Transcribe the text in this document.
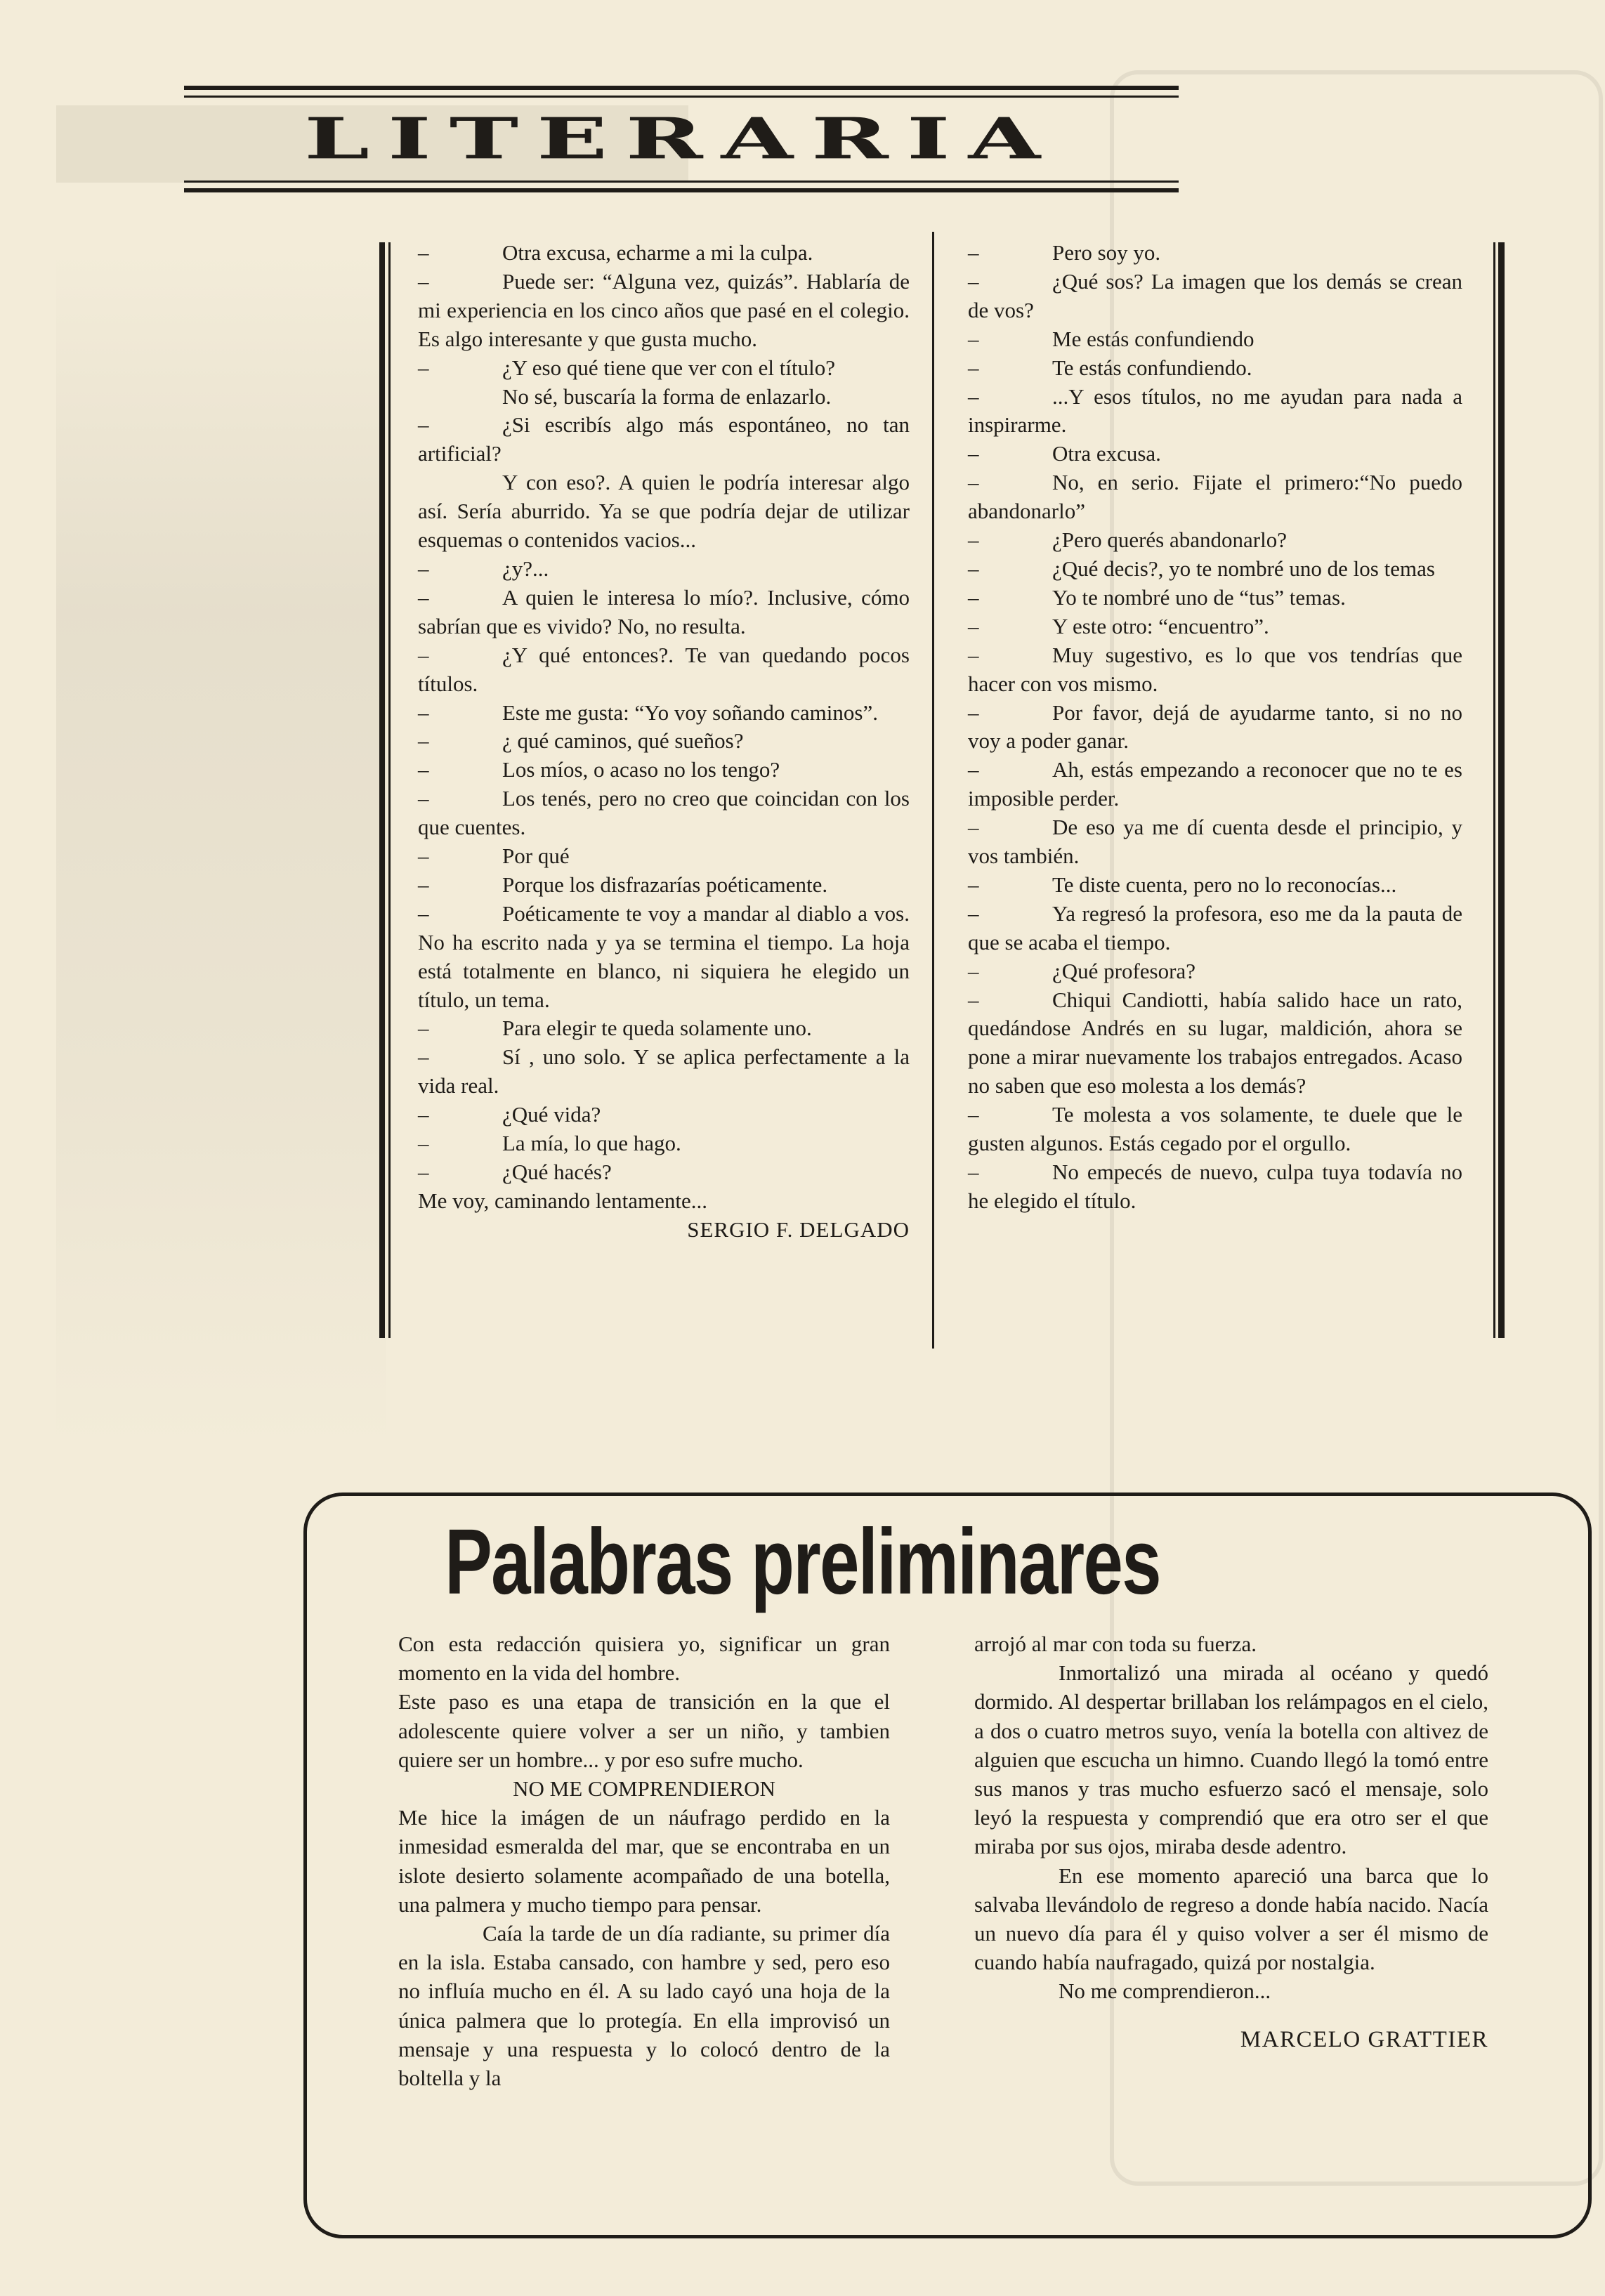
LITERARIA

–	Otra excusa, echarme a mi la culpa.

–	Puede ser: “Alguna vez, quizás”. Hablaría de mi experiencia en los cinco años que pasé en el colegio. Es algo interesante y que gusta mucho.

–	¿Y eso qué tiene que ver con el título?

No sé, buscaría la forma de enlazarlo.

–	¿Si escribís algo más espontáneo, no tan artificial?

Y con eso?. A quien le podría interesar algo así. Sería aburrido. Ya se que podría dejar de utilizar esquemas o contenidos vacios...

–	¿y?...

–	A quien le interesa lo mío?. Inclusive, cómo sabrían que es vivido? No, no resulta.

–	¿Y qué entonces?. Te van quedando pocos títulos.

–	Este me gusta: “Yo voy soñando caminos”.

–	¿ qué caminos, qué sueños?

–	Los míos, o acaso no los tengo?

–	Los tenés, pero no creo que coincidan con los que cuentes.

–	Por qué

–	Porque los disfrazarías poéticamente.

–	Poéticamente te voy a mandar al diablo a vos. No ha escrito nada y ya se termina el tiempo. La hoja está totalmente en blanco, ni siquiera he elegido un título, un tema.

–	Para elegir te queda solamente uno.

–	Sí , uno solo. Y se aplica perfectamente a la vida real.

–	¿Qué vida?

–	La mía, lo que hago.

–	¿Qué hacés?

Me voy, caminando lentamente...

SERGIO F. DELGADO

–	Pero soy yo.

–	¿Qué sos? La imagen que los demás se crean de vos?

–	Me estás confundiendo

–	Te estás confundiendo.

–	...Y esos títulos, no me ayudan para nada a inspirarme.

–	Otra excusa.

–	No, en serio. Fijate el primero:“No puedo abandonarlo”

–	¿Pero querés abandonarlo?

–	¿Qué decis?, yo te nombré uno de los temas

–	Yo te nombré uno de “tus” temas.

–	Y este otro: “encuentro”.

–	Muy sugestivo, es lo que vos tendrías que hacer con vos mismo.

–	Por favor, dejá de ayudarme tanto, si no no voy a poder ganar.

–	Ah, estás empezando a reconocer que no te es imposible perder.

–	De eso ya me dí cuenta desde el principio, y vos también.

–	Te diste cuenta, pero no lo reconocías...

–	Ya regresó la profesora, eso me da la pauta de que se acaba el tiempo.

–	¿Qué profesora?

–	Chiqui Candiotti, había salido hace un rato, quedándose Andrés en su lugar, maldición, ahora se pone a mirar nuevamente los trabajos entregados. Acaso no saben que eso molesta a los demás?

–	Te molesta a vos solamente, te duele que le gusten algunos. Estás cegado por el orgullo.

–	No empecés de nuevo, culpa tuya todavía no he elegido el título.

Palabras preliminares

Con esta redacción quisiera yo, significar un gran momento en la vida del hombre.

Este paso es una etapa de transición en la que el adolescente quiere volver a ser un niño, y tambien quiere ser un hombre... y por eso sufre mucho.

NO ME COMPRENDIERON

Me hice la imágen de un náufrago perdido en la inmesidad esmeralda del mar, que se encontraba en un islote desierto solamente acompañado de una botella, una palmera y mucho tiempo para pensar.

Caía la tarde de un día radiante, su primer día en la isla. Estaba cansado, con hambre y sed, pero eso no influía mucho en él. A su lado cayó una hoja de la única palmera que lo protegía. En ella improvisó un mensaje y una respuesta y lo colocó dentro de la boltella y la

arrojó al mar con toda su fuerza.

Inmortalizó una mirada al océano y quedó dormido. Al despertar brillaban los relámpagos en el cielo, a dos o cuatro metros suyo, venía la botella con altivez de alguien que escucha un himno. Cuando llegó la tomó entre sus manos y tras mucho esfuerzo sacó el mensaje, solo leyó la respuesta y comprendió que era otro ser el que miraba por sus ojos, miraba desde adentro.

En ese momento apareció una barca que lo salvaba llevándolo de regreso a donde había nacido. Nacía un nuevo día para él y quiso volver a ser él mismo de cuando había naufragado, quizá por nostalgia.

No me comprendieron...

MARCELO GRATTIER
